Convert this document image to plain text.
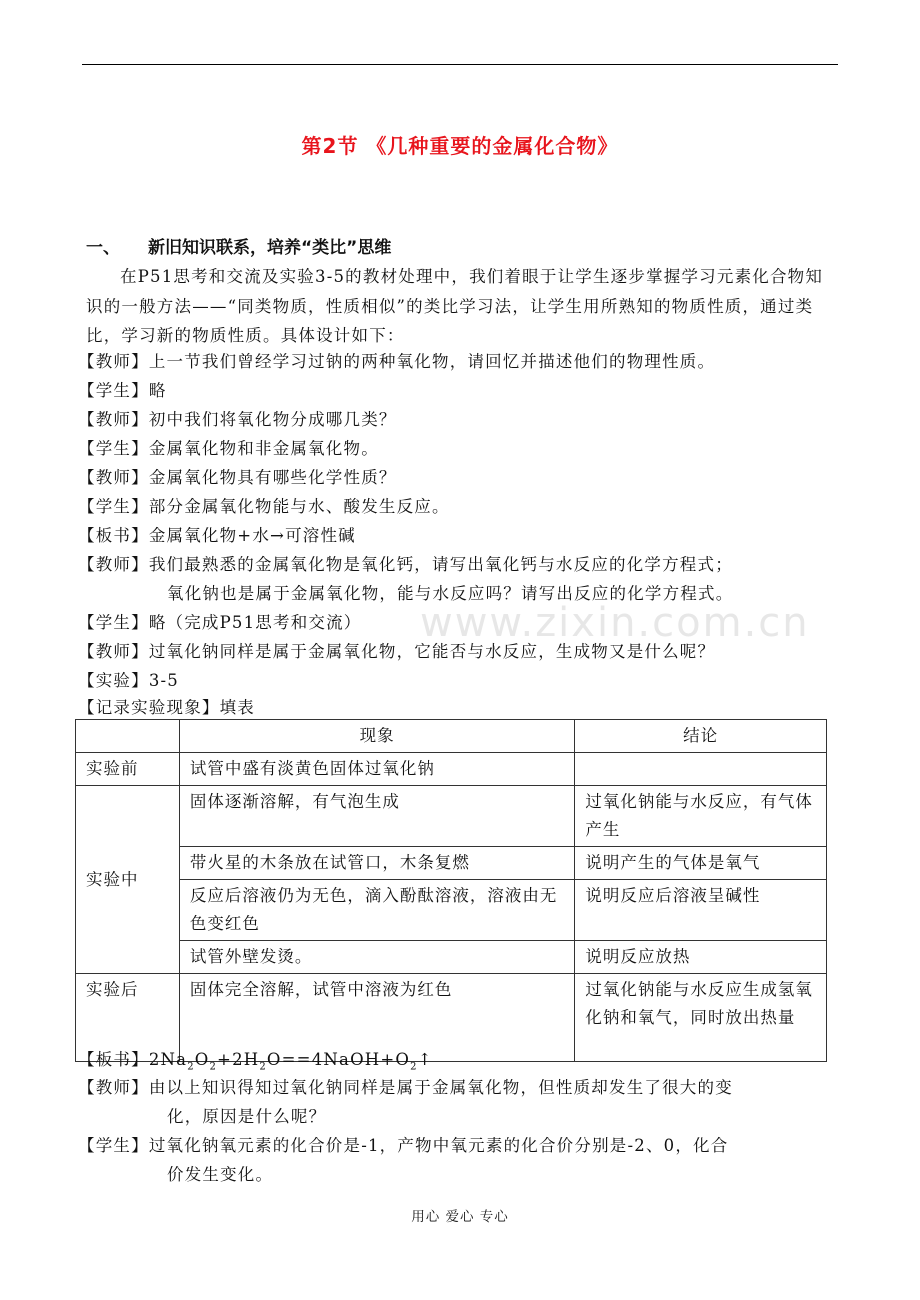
www.zixin.com.cn
第2节 《几种重要的金属化合物》
一、 新旧知识联系，培养“类比”思维
在P51思考和交流及实验3-5的教材处理中，我们着眼于让学生逐步掌握学习元素化合物知识的一般方法——“同类物质，性质相似”的类比学习法，让学生用所熟知的物质性质，通过类比，学习新的物质性质。具体设计如下：
【教师】上一节我们曾经学习过钠的两种氧化物，请回忆并描述他们的物理性质。
【学生】略
【教师】初中我们将氧化物分成哪几类？
【学生】金属氧化物和非金属氧化物。
【教师】金属氧化物具有哪些化学性质？
【学生】部分金属氧化物能与水、酸发生反应。
【板书】金属氧化物+水→可溶性碱
【教师】我们最熟悉的金属氧化物是氧化钙，请写出氧化钙与水反应的化学方程式；
氧化钠也是属于金属氧化物，能与水反应吗？请写出反应的化学方程式。
【学生】略（完成P51思考和交流）
【教师】过氧化钠同样是属于金属氧化物，它能否与水反应，生成物又是什么呢？
【实验】3-5
【记录实验现象】填表
	现象	结论
实验前	试管中盛有淡黄色固体过氧化钠	
实验中	固体逐渐溶解，有气泡生成	过氧化钠能与水反应，有气体产生
	带火星的木条放在试管口，木条复燃	说明产生的气体是氧气
	反应后溶液仍为无色，滴入酚酞溶液，溶液由无色变红色	说明反应后溶液呈碱性
	试管外壁发烫。	说明反应放热
实验后	固体完全溶解，试管中溶液为红色	过氧化钠能与水反应生成氢氧化钠和氧气，同时放出热量
【板书】$2Na_2O_2+2H_2O==4NaOH+O_2↑$
【教师】由以上知识得知过氧化钠同样是属于金属氧化物，但性质却发生了很大的变
化，原因是什么呢？
【学生】过氧化钠氧元素的化合价是-1，产物中氧元素的化合价分别是-2、0，化合
价发生变化。
用心 爱心 专心
